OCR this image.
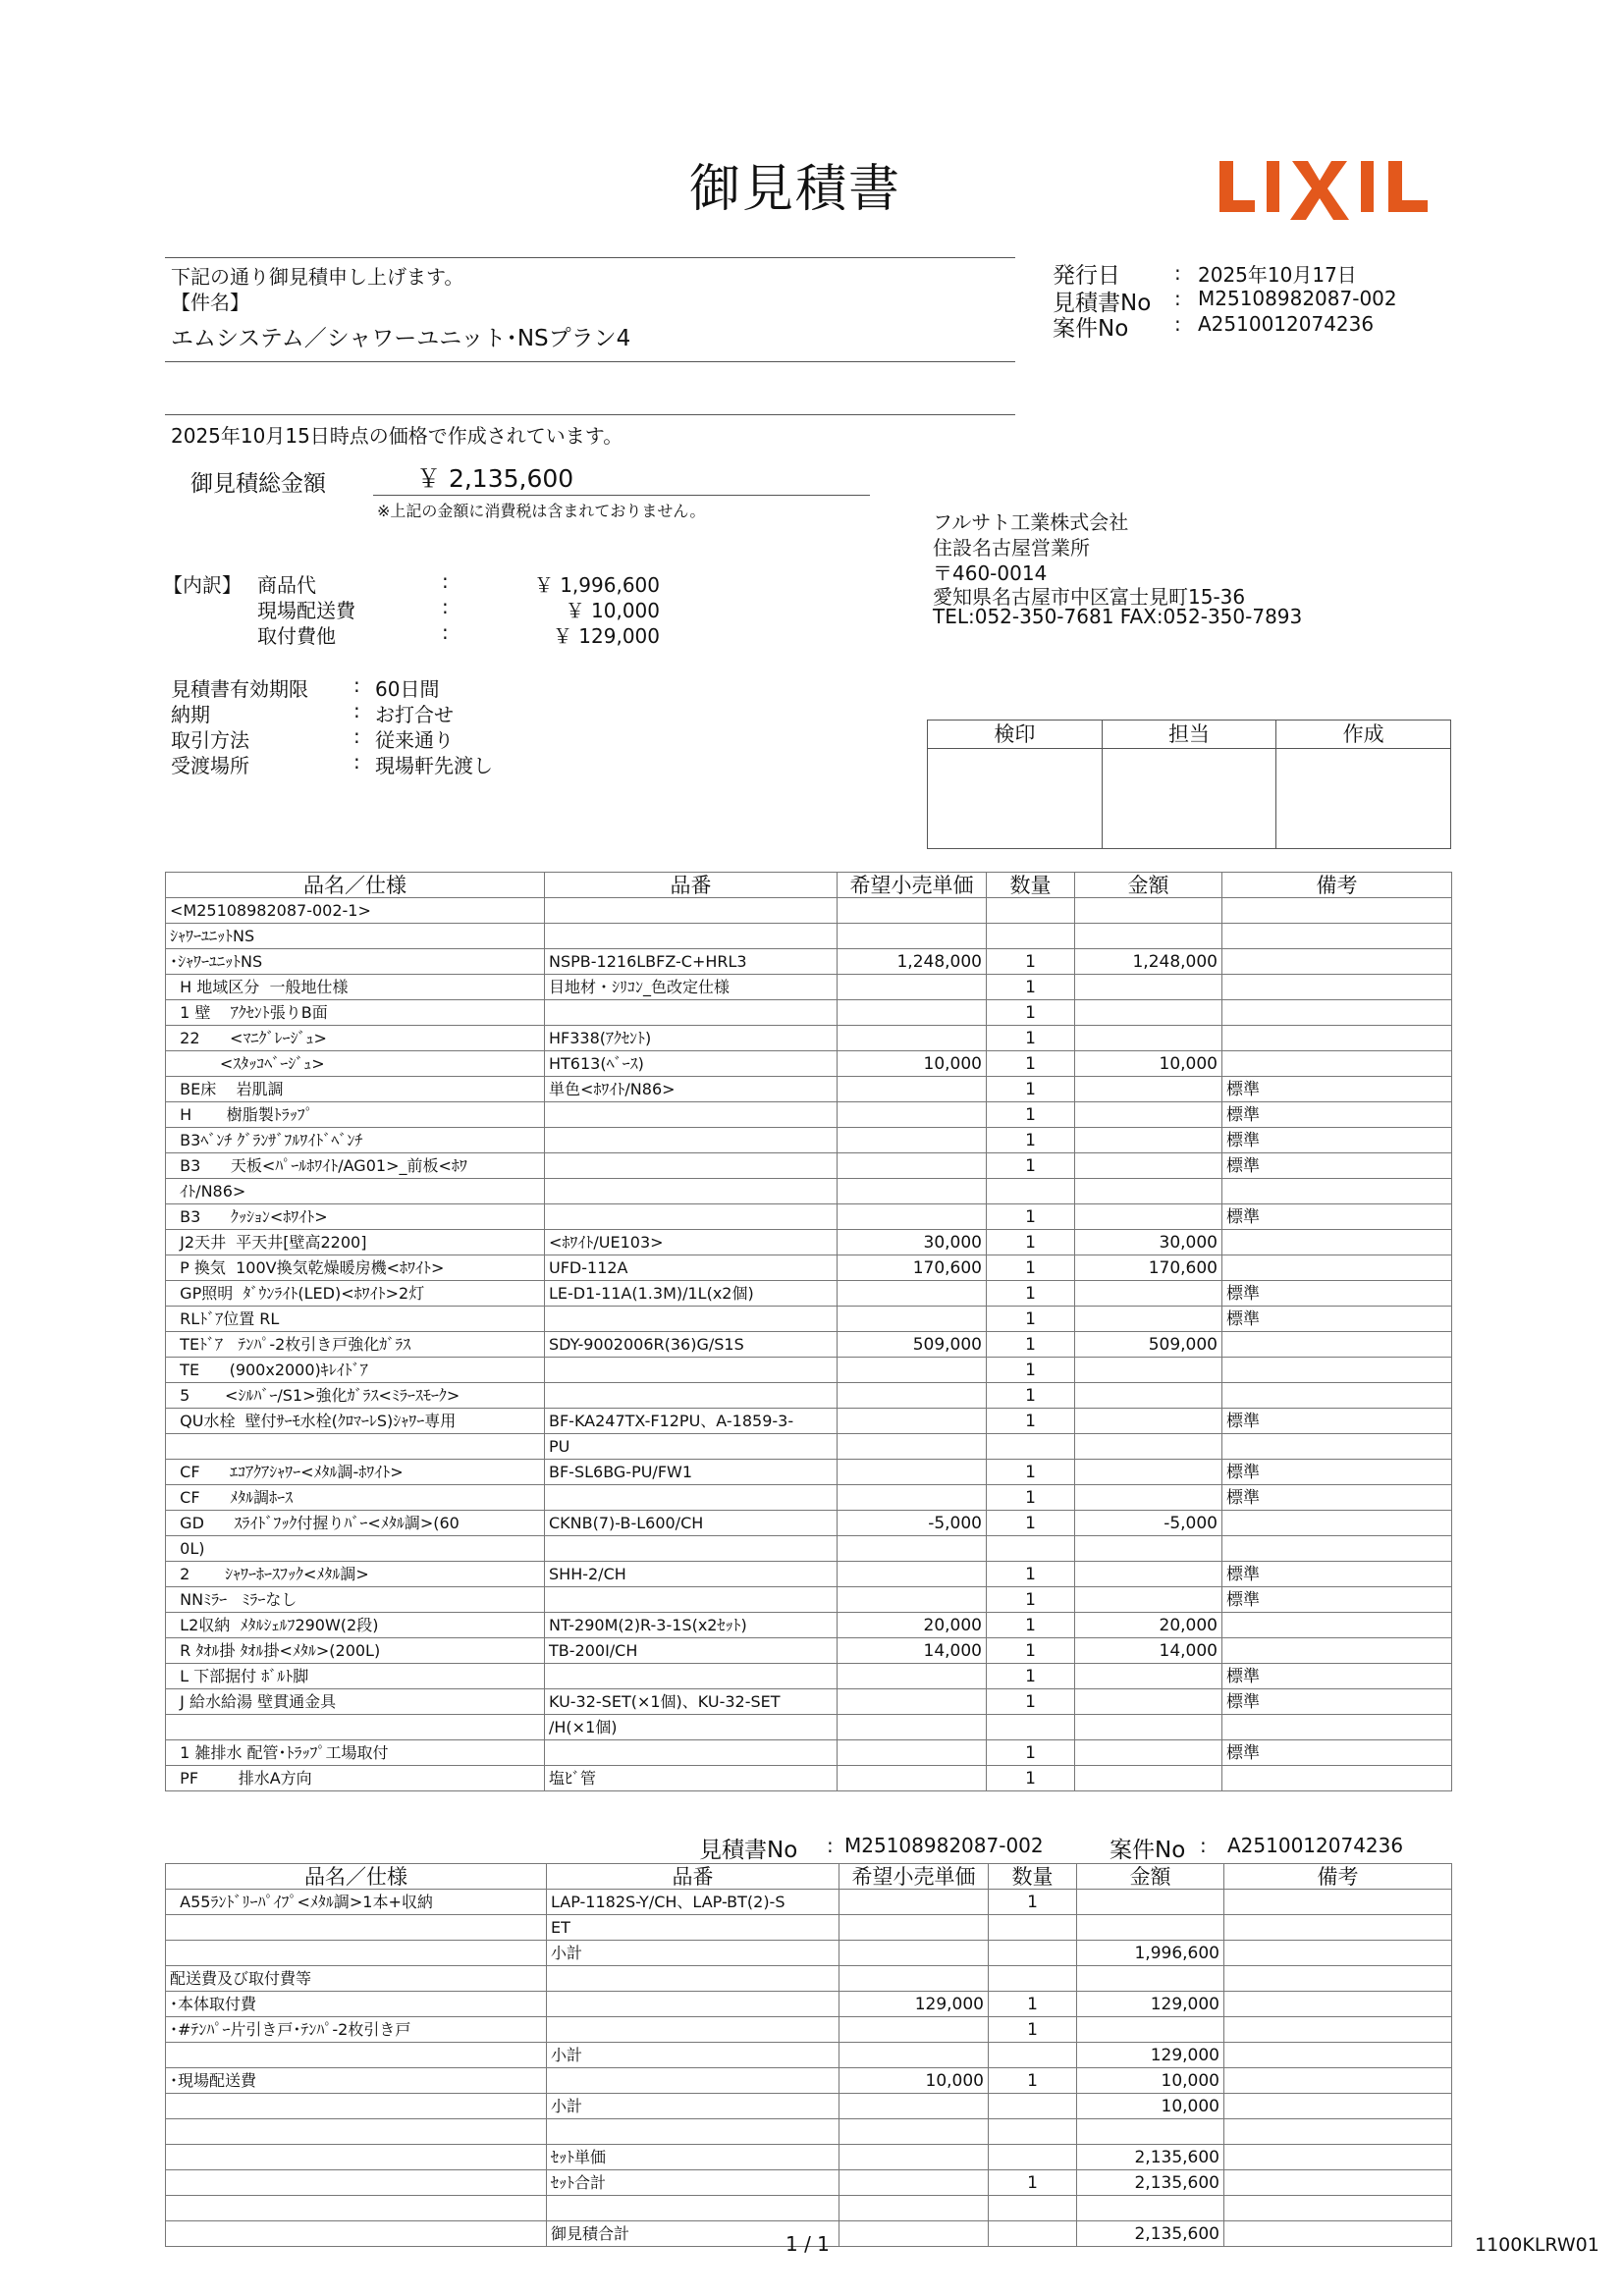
御見積書
下記の通り御見積申し上げます。
【件名】
エムシステム／シャワーユニット･NSプラン4
2025年10月15日時点の価格で作成されています。
発行日	: 2025年10月17日
見積書No : M25108982087-002
案件No : A2510012074236
御見積総金額	￥ 2,135,600
※上記の金額に消費税は含まれておりません。
【内訳】 商品代	:	￥ 1,996,600
現場配送費	:	￥ 10,000
取付費他	:	￥ 129,000
フルサト工業株式会社
住設名古屋営業所
〒460-0014
愛知県名古屋市中区富士見町15-36
TEL:052-350-7681 FAX:052-350-7893
見積書有効期限 : 60日間
納期	: お打合せ
取引方法	: 従来通り
受渡場所	: 現場軒先渡し
検印	担当	作成
品名／仕様	品番	希望小売単価	数量	金額	備考
<M25108982087-002-1>					
ｼｬﾜｰﾕﾆｯﾄNS					
･ｼｬﾜｰﾕﾆｯﾄNS	NSPB-1216LBFZ-C+HRL3	1,248,000	1	1,248,000	
H 地域区分  一般地仕様	目地材・ｼﾘｺﾝ_色改定仕様		1		
1 壁    ｱｸｾﾝﾄ張りB面			1		
22      <ﾏﾆｸﾞﾚｰｼﾞｭ>	HF338(ｱｸｾﾝﾄ)		1		
<ｽﾀｯｺﾍﾞｰｼﾞｭ>	HT613(ﾍﾞｰｽ)	10,000	1	10,000	
BE床    岩肌調	単色<ﾎﾜｲﾄ/N86>		1		標準
H       樹脂製ﾄﾗｯﾌﾟ			1		標準
B3ﾍﾞﾝﾁ ｸﾞﾗﾝｻﾞﾌﾙﾜｲﾄﾞﾍﾞﾝﾁ			1		標準
B3      天板<ﾊﾟｰﾙﾎﾜｲﾄ/AG01>_前板<ﾎﾜ			1		標準
ｲﾄ/N86>					
B3      ｸｯｼｮﾝ<ﾎﾜｲﾄ>			1		標準
J2天井  平天井[壁高2200]	<ﾎﾜｲﾄ/UE103>	30,000	1	30,000	
P 換気  100V換気乾燥暖房機<ﾎﾜｲﾄ>	UFD-112A	170,600	1	170,600	
GP照明  ﾀﾞｳﾝﾗｲﾄ(LED)<ﾎﾜｲﾄ>2灯	LE-D1-11A(1.3M)/1L(x2個)		1		標準
RLﾄﾞｱ位置 RL			1		標準
TEﾄﾞｱ   ﾃﾝﾊﾟ-2枚引き戸強化ｶﾞﾗｽ	SDY-9002006R(36)G/S1S	509,000	1	509,000	
TE      (900x2000)ｷﾚｲﾄﾞｱ			1		
5       <ｼﾙﾊﾞｰ/S1>強化ｶﾞﾗｽ<ﾐﾗｰｽﾓｰｸ>			1		
QU水栓  壁付ｻｰﾓ水栓(ｸﾛﾏｰﾚS)ｼｬﾜｰ専用	BF-KA247TX-F12PU、A-1859-3-		1		標準
	PU				
CF      ｴｺｱｸｱｼｬﾜｰ<ﾒﾀﾙ調-ﾎﾜｲﾄ>	BF-SL6BG-PU/FW1		1		標準
CF      ﾒﾀﾙ調ﾎｰｽ			1		標準
GD      ｽﾗｲﾄﾞﾌｯｸ付握りﾊﾞｰ<ﾒﾀﾙ調>(60	CKNB(7)-B-L600/CH	-5,000	1	-5,000	
0L)					
2       ｼｬﾜｰﾎｰｽﾌｯｸ<ﾒﾀﾙ調>	SHH-2/CH		1		標準
NNﾐﾗｰ   ﾐﾗｰなし			1		標準
L2収納  ﾒﾀﾙｼｪﾙﾌ290W(2段)	NT-290M(2)R-3-1S(x2ｾｯﾄ)	20,000	1	20,000	
R ﾀｵﾙ掛 ﾀｵﾙ掛<ﾒﾀﾙ>(200L)	TB-200I/CH	14,000	1	14,000	
L 下部据付 ﾎﾞﾙﾄ脚			1		標準
J 給水給湯 壁貫通金具	KU-32-SET(×1個)、KU-32-SET		1		標準
	/H(×1個)				
1 雑排水 配管･ﾄﾗｯﾌﾟ工場取付			1		標準
PF        排水A方向	塩ﾋﾞ管		1		
見積書No : M25108982087-002	案件No : A2510012074236
品名／仕様	品番	希望小売単価	数量	金額	備考
A55ﾗﾝﾄﾞﾘｰﾊﾟｲﾌﾟ<ﾒﾀﾙ調>1本+収納	LAP-1182S-Y/CH、LAP-BT(2)-S		1		
	ET				
	小計			1,996,600	
配送費及び取付費等					
･本体取付費		129,000	1	129,000	
･#ﾃﾝﾊﾟｰ片引き戸･ﾃﾝﾊﾟ-2枚引き戸			1		
	小計			129,000	
･現場配送費		10,000	1	10,000	
	小計			10,000	

	ｾｯﾄ単価			2,135,600	
	ｾｯﾄ合計		1	2,135,600	

	御見積合計			2,135,600	
1 / 1	1100KLRW01
